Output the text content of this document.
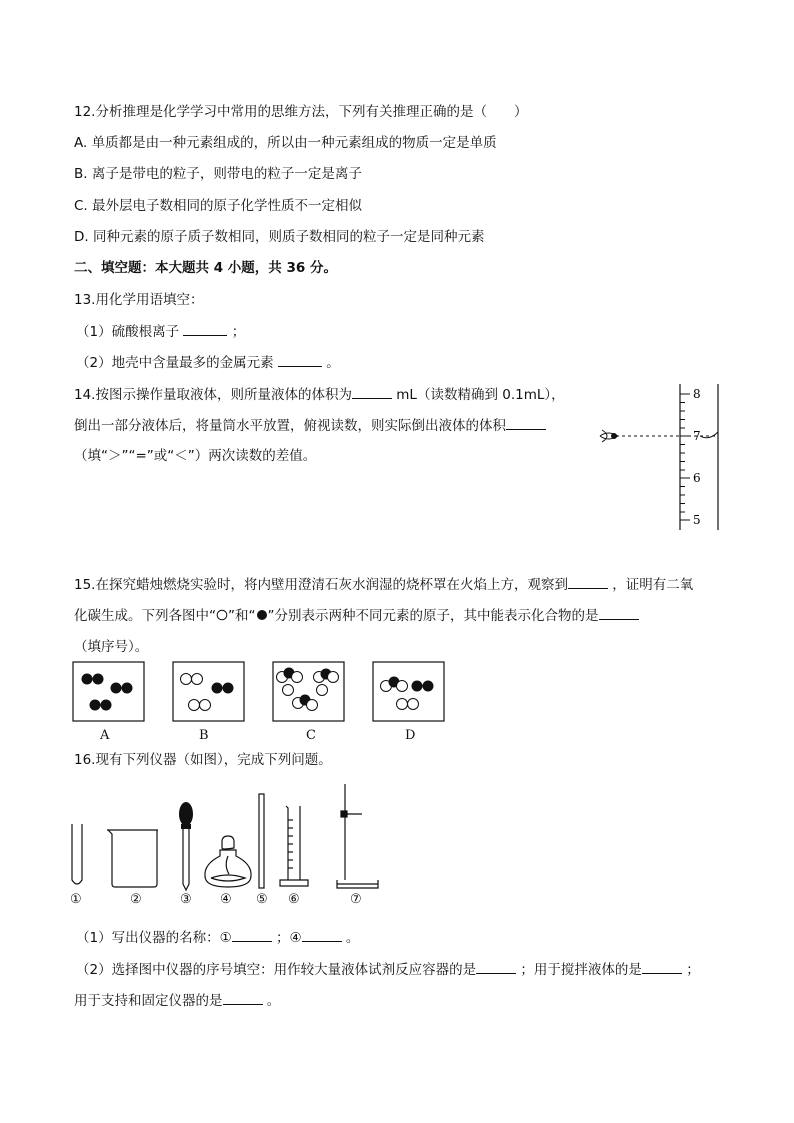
12.分析推理是化学学习中常用的思维方法，下列有关推理正确的是（　　）
A. 单质都是由一种元素组成的，所以由一种元素组成的物质一定是单质
B. 离子是带电的粒子，则带电的粒子一定是离子
C. 最外层电子数相同的原子化学性质不一定相似
D. 同种元素的原子质子数相同，则质子数相同的粒子一定是同种元素
二、填空题：本大题共 4 小题，共 36 分。
13.用化学用语填空：
（1）硫酸根离子	；
（2）地壳中含量最多的金属元素	。
14.按图示操作量取液体，则所量液体的体积为	mL（读数精确到 0.1mL），
倒出一部分液体后，将量筒水平放置，俯视读数，则实际倒出液体的体积
（填“＞”“=”或“＜”）两次读数的差值。
8
7
6
5
15.在探究蜡烛燃烧实验时，将内壁用澄清石灰水润湿的烧杯罩在火焰上方，观察到	，证明有二氧
化碳生成。下列各图中“ ”和“ ”分别表示两种不同元素的原子，其中能表示化合物的是
（填序号）。
A	B	C	D
16.现有下列仪器（如图），完成下列问题。
①	②	③ ④ ⑤ ⑥	⑦
（1）写出仪器的名称：①	；④	。
（2）选择图中仪器的序号填空：用作较大量液体试剂反应容器的是	；用于搅拌液体的是	；
用于支持和固定仪器的是	。
